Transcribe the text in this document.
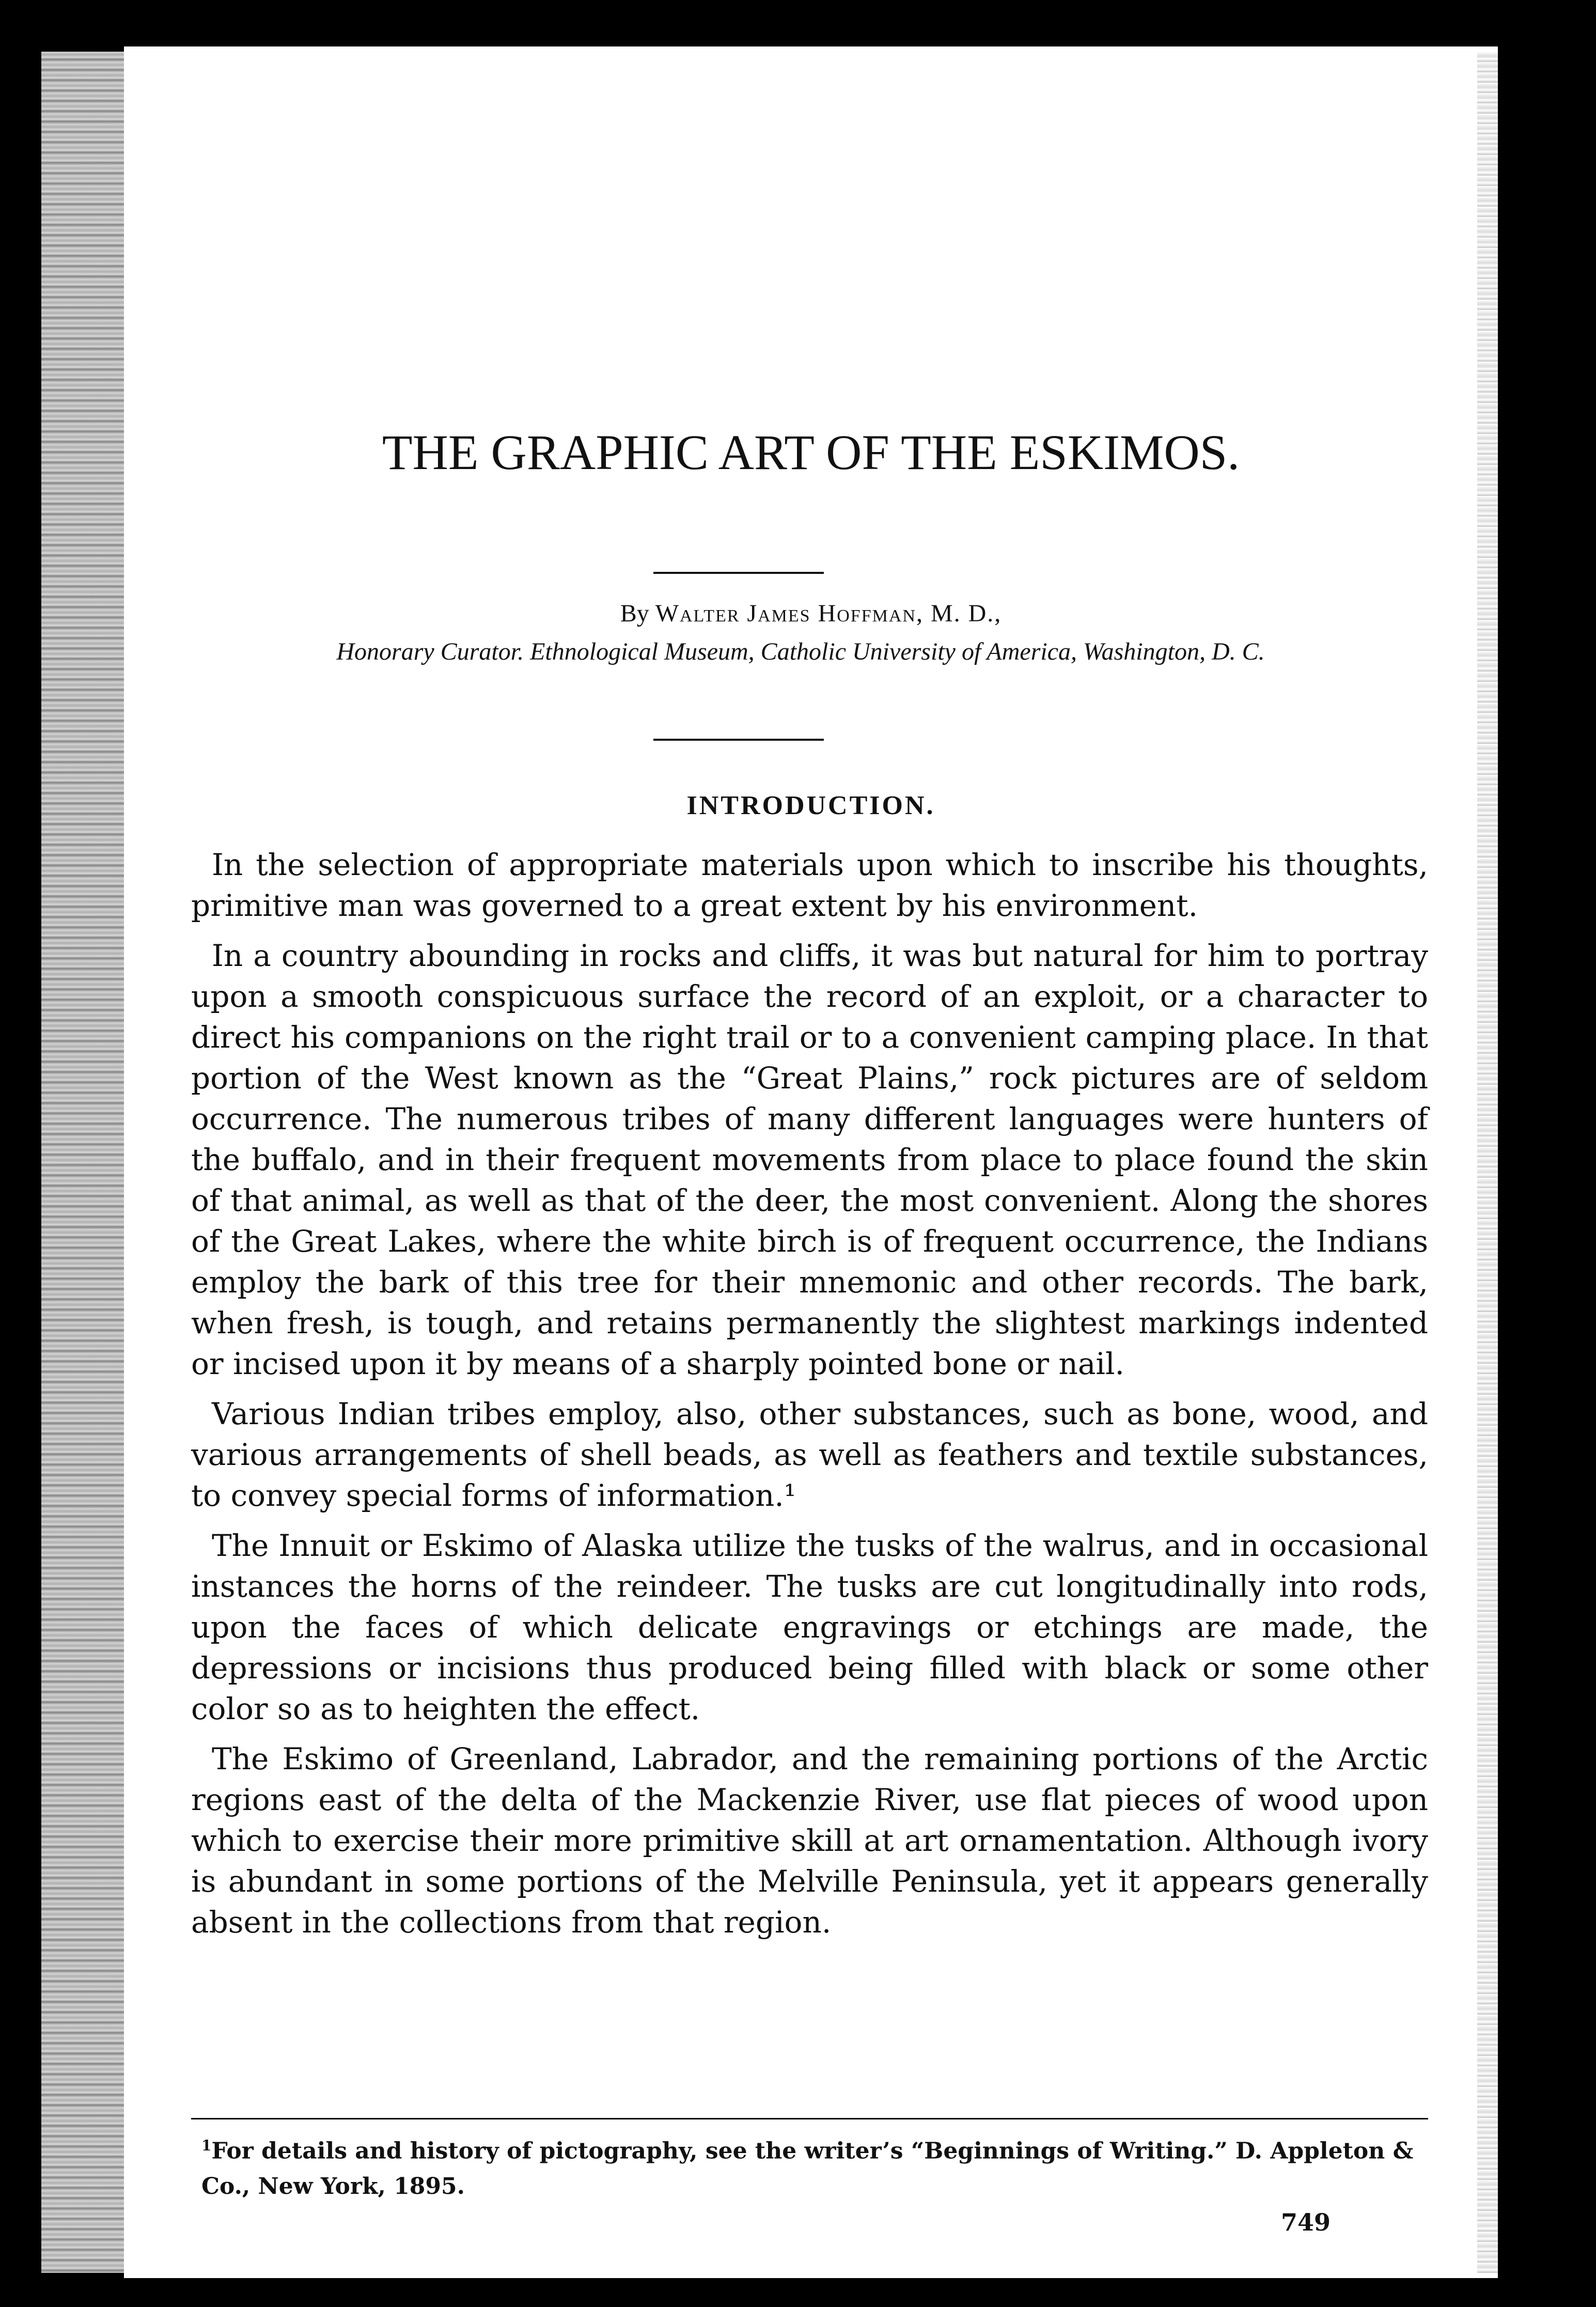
THE GRAPHIC ART OF THE ESKIMOS.
By Walter James Hoffman, M. D.,
Honorary Curator. Ethnological Museum, Catholic University of America, Washington, D. C.
INTRODUCTION.

In the selection of appropriate materials upon which to inscribe his thoughts, primitive man was governed to a great extent by his environment.

In a country abounding in rocks and cliffs, it was but natural for him to portray upon a smooth conspicuous surface the record of an exploit, or a character to direct his companions on the right trail or to a convenient camping place. In that portion of the West known as the “Great Plains,” rock pictures are of seldom occurrence. The numerous tribes of many different languages were hunters of the buffalo, and in their frequent movements from place to place found the skin of that animal, as well as that of the deer, the most convenient. Along the shores of the Great Lakes, where the white birch is of frequent occurrence, the Indians employ the bark of this tree for their mnemonic and other records. The bark, when fresh, is tough, and retains permanently the slightest markings indented or incised upon it by means of a sharply pointed bone or nail.

Various Indian tribes employ, also, other substances, such as bone, wood, and various arrangements of shell beads, as well as feathers and textile substances, to convey special forms of information.¹

The Innuit or Eskimo of Alaska utilize the tusks of the walrus, and in occasional instances the horns of the reindeer. The tusks are cut longitudinally into rods, upon the faces of which delicate engravings or etchings are made, the depressions or incisions thus produced being filled with black or some other color so as to heighten the effect.

The Eskimo of Greenland, Labrador, and the remaining portions of the Arctic regions east of the delta of the Mackenzie River, use flat pieces of wood upon which to exercise their more primitive skill at art ornamentation. Although ivory is abundant in some portions of the Melville Peninsula, yet it appears generally absent in the collections from that region.

$^1$For details and history of pictography, see the writer’s “Beginnings of Writing.” D. Appleton & Co., New York, 1895.
749
